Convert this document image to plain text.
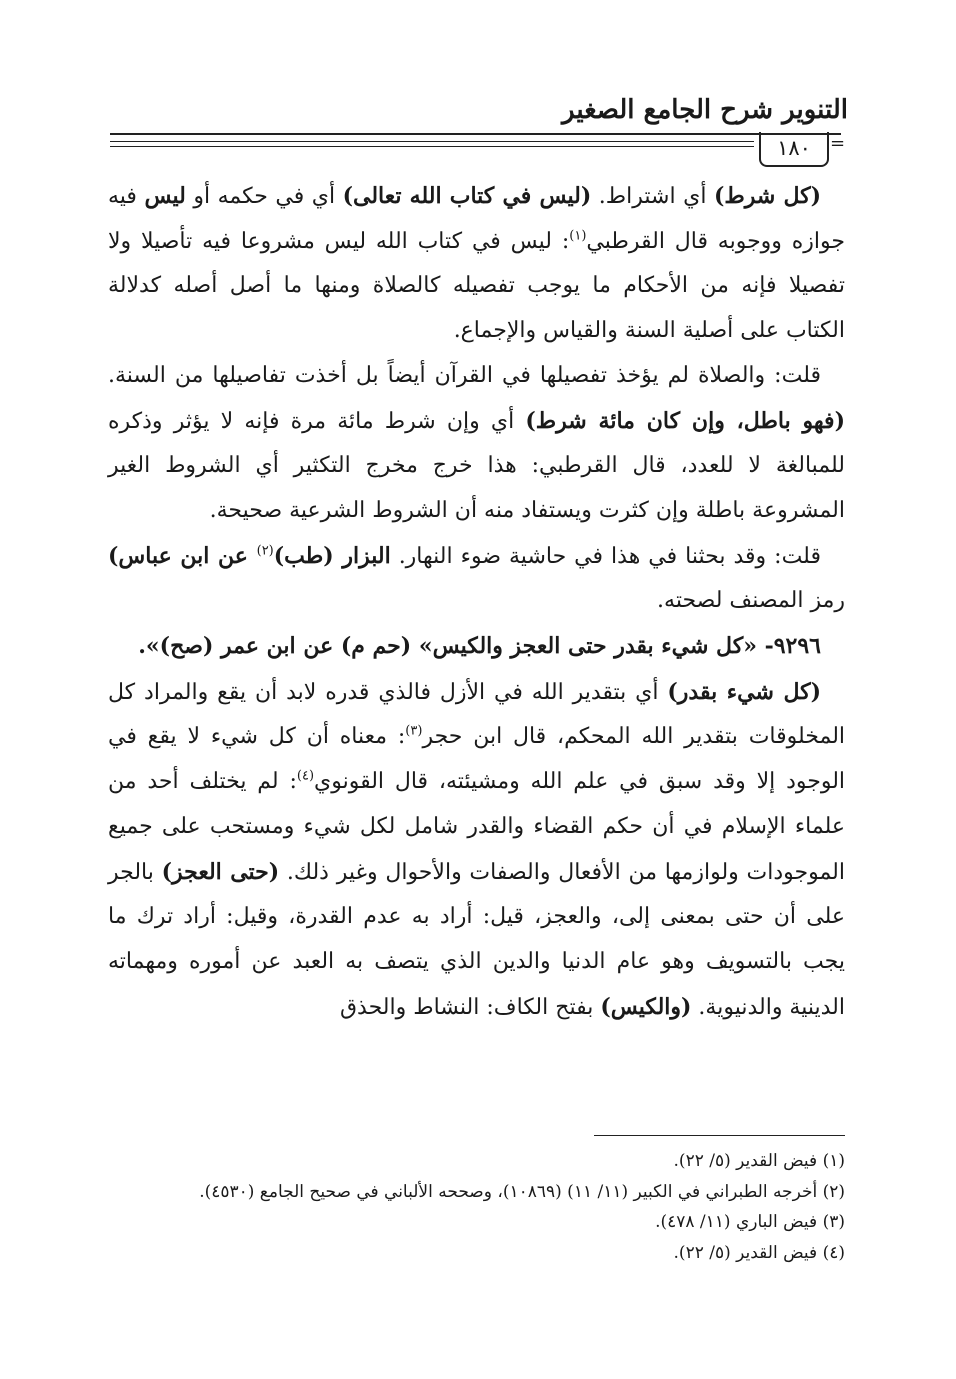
التنوير شرح الجامع الصغير
١٨٠	=

(كل شرط) أي اشتراط. (ليس في كتاب الله تعالى) أي في حكمه أو ليس فيه جوازه ووجوبه قال القرطبي$^{(١)}$: ليس في كتاب الله ليس مشروعا فيه تأصيلا ولا تفصيلا فإنه من الأحكام ما يوجب تفصيله كالصلاة ومنها ما أصل أصله كدلالة الكتاب على أصلية السنة والقياس والإجماع.

قلت: والصلاة لم يؤخذ تفصيلها في القرآن أيضاً بل أخذت تفاصيلها من السنة. (فهو باطل، وإن كان مائة شرط) أي وإن شرط مائة مرة فإنه لا يؤثر وذكره للمبالغة لا للعدد، قال القرطبي: هذا خرج مخرج التكثير أي الشروط الغير المشروعة باطلة وإن كثرت ويستفاد منه أن الشروط الشرعية صحيحة.

قلت: وقد بحثنا في هذا في حاشية ضوء النهار. البزار (طب)$^{(٢)}$ عن ابن عباس) رمز المصنف لصحته.

٩٢٩٦- «كل شيء بقدر حتى العجز والكيس» (حم م) عن ابن عمر (صح)».

(كل شيء بقدر) أي بتقدير الله في الأزل فالذي قدره لابد أن يقع والمراد كل المخلوقات بتقدير الله المحكم، قال ابن حجر$^{(٣)}$: معناه أن كل شيء لا يقع في الوجود إلا وقد سبق في علم الله ومشيئته، قال القونوي$^{(٤)}$: لم يختلف أحد من علماء الإسلام في أن حكم القضاء والقدر شامل لكل شيء ومستحب على جميع الموجودات ولوازمها من الأفعال والصفات والأحوال وغير ذلك. (حتى العجز) بالجر على أن حتى بمعنى إلى، والعجز، قيل: أراد به عدم القدرة، وقيل: أراد ترك ما يجب بالتسويف وهو عام الدنيا والدين الذي يتصف به العبد عن أموره ومهماته الدينية والدنيوية. (والكيس) بفتح الكاف: النشاط والحذق

(١) فيض القدير (٥/ ٢٢).
(٢) أخرجه الطبراني في الكبير (١١/ ١١) (١٠٨٦٩)، وصححه الألباني في صحيح الجامع (٤٥٣٠).
(٣) فيض الباري (١١/ ٤٧٨).
(٤) فيض القدير (٥/ ٢٢).
